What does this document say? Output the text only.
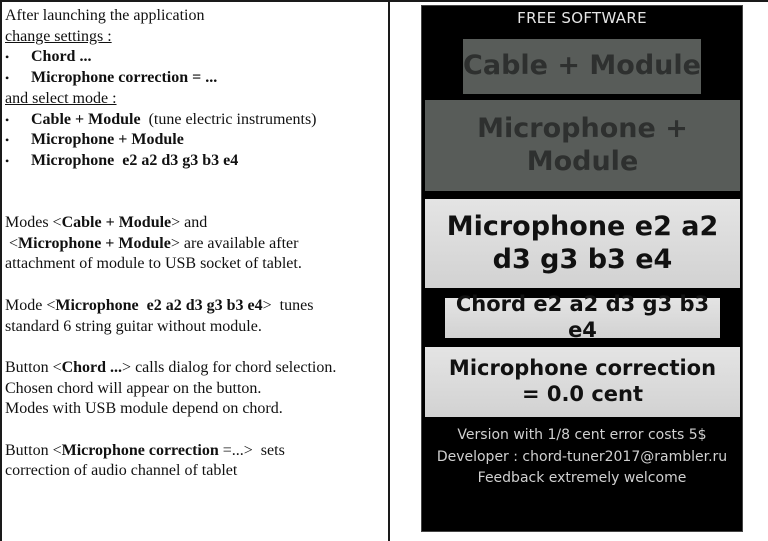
After launching the application

change settings :

•	Chord ...
•	Microphone correction = ...

and select mode :

•	Cable + Module  (tune electric instruments)
•	Microphone + Module
•	Microphone  e2 a2 d3 g3 b3 e4

Modes <Cable + Module> and

<Microphone + Module> are available after

attachment of module to USB socket of tablet.

Mode <Microphone  e2 a2 d3 g3 b3 e4>  tunes

standard 6 string guitar without module.

Button <Chord ...> calls dialog for chord selection.

Chosen chord will appear on the button.

Modes with USB module depend on chord.

Button <Microphone correction =...>  sets

correction of audio channel of tablet

FREE SOFTWARE
Cable + Module
Microphone + Module
Microphone e2 a2 d3 g3 b3 e4
Chord e2 a2 d3 g3 b3 e4
Microphone correction = 0.0 cent
Version with 1/8 cent error costs 5$
Developer : chord-tuner2017@rambler.ru
Feedback extremely welcome
